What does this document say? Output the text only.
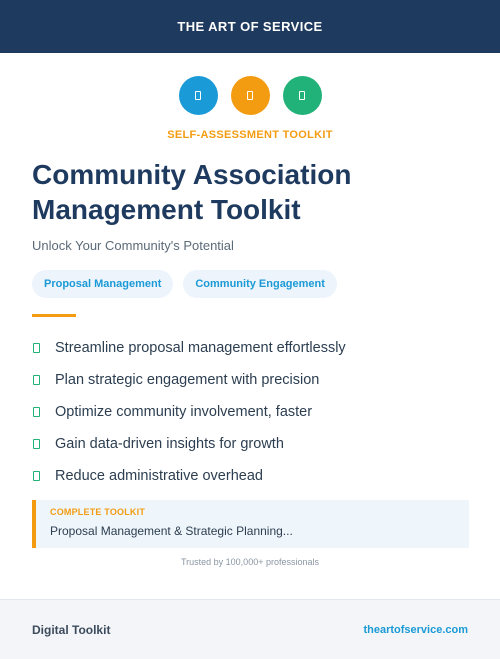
THE ART OF SERVICE
SELF-ASSESSMENT TOOLKIT
Community Association
Management Toolkit
Unlock Your Community's Potential
Proposal Management	Community Engagement
Streamline proposal management effortlessly
Plan strategic engagement with precision
Optimize community involvement, faster
Gain data-driven insights for growth
Reduce administrative overhead
COMPLETE TOOLKIT
Proposal Management & Strategic Planning...
Trusted by 100,000+ professionals
Digital Toolkit	theartofservice.com
